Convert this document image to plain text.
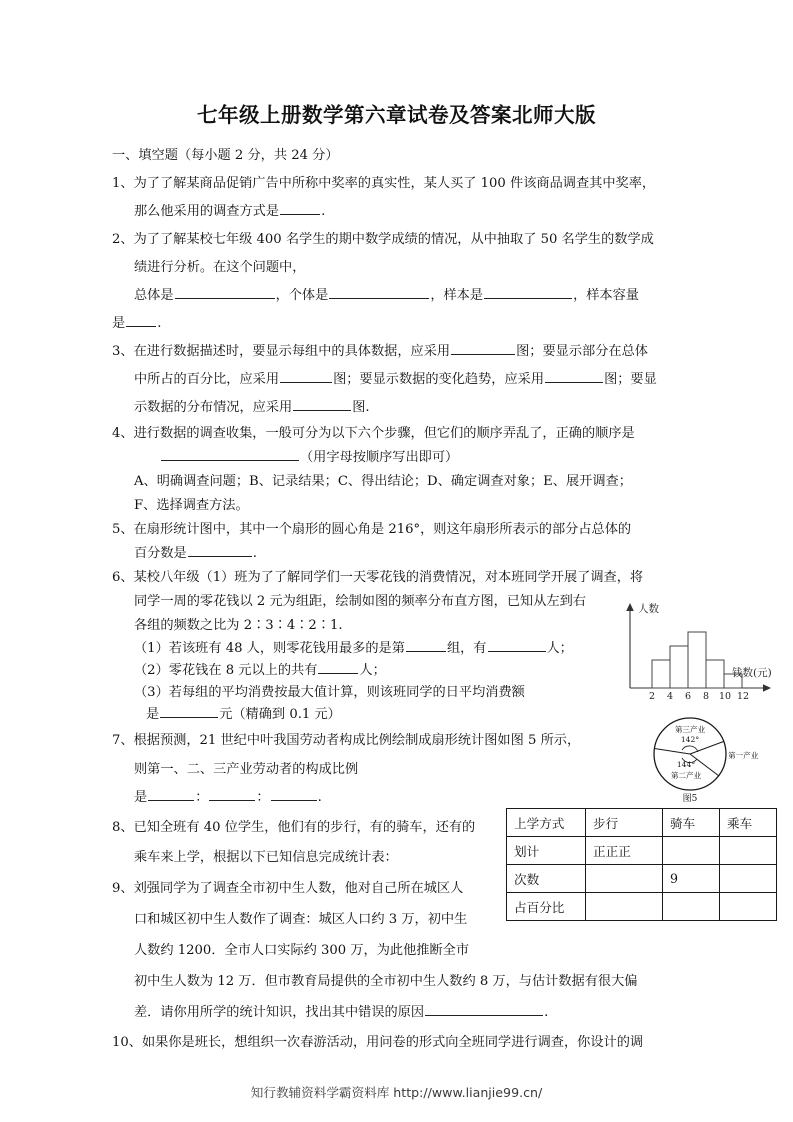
七年级上册数学第六章试卷及答案北师大版
一、填空题（每小题 2 分，共 24 分）
1、为了了解某商品促销广告中所称中奖率的真实性，某人买了 100 件该商品调查其中奖率，
那么他采用的调查方式是	.
2、为了了解某校七年级 400 名学生的期中数学成绩的情况，从中抽取了 50 名学生的数学成
绩进行分析。在这个问题中，
总体是	，个体是	，样本是	，样本容量
是 .
3、在进行数据描述时，要显示每组中的具体数据，应采用	图；要显示部分在总体
中所占的百分比，应采用	图；要显示数据的变化趋势，应采用	图；要显
示数据的分布情况，应采用	图.
4、进行数据的调查收集，一般可分为以下六个步骤，但它们的顺序弄乱了，正确的顺序是
（用字母按顺序写出即可）
A、明确调查问题；B、记录结果；C、得出结论；D、确定调查对象；E、展开调查；
F、选择调查方法。
5、在扇形统计图中，其中一个扇形的圆心角是 216°，则这年扇形所表示的部分占总体的
百分数是	.
6、某校八年级（1）班为了了解同学们一天零花钱的消费情况，对本班同学开展了调查，将
同学一周的零花钱以 2 元为组距，绘制如图的频率分布直方图，已知从左到右
各组的频数之比为 2∶3∶4∶2∶1.
（1）若该班有 48 人，则零花钱用最多的是第	组，有	人；
（2）零花钱在 8 元以上的共有	人；
（3）若每组的平均消费按最大值计算，则该班同学的日平均消费额
是	元（精确到 0.1 元）
7、根据预测，21 世纪中叶我国劳动者构成比例绘制成扇形统计图如图 5 所示，
则第一、二、三产业劳动者的构成比例
是	：	：	.
8、已知全班有 40 位学生，他们有的步行，有的骑车，还有的
乘车来上学，根据以下已知信息完成统计表：
9、刘强同学为了调查全市初中生人数，他对自己所在城区人
口和城区初中生人数作了调查：城区人口约 3 万，初中生
人数约 1200．全市人口实际约 300 万，为此他推断全市
初中生人数为 12 万．但市教育局提供的全市初中生人数约 8 万，与估计数据有很大偏
差．请你用所学的统计知识，找出其中错误的原因	.
10、如果你是班长，想组织一次春游活动，用问卷的形式向全班同学进行调查，你设计的调
2 4 6 8 10 12
人数
钱数(元)
第三产业
142°
第一产业
144°
第二产业
图5
上学方式	步行	骑车	乘车
划计	正正正		
次数		9	
占百分比			
知行教辅资料学霸资料库 http://www.lianjie99.cn/
